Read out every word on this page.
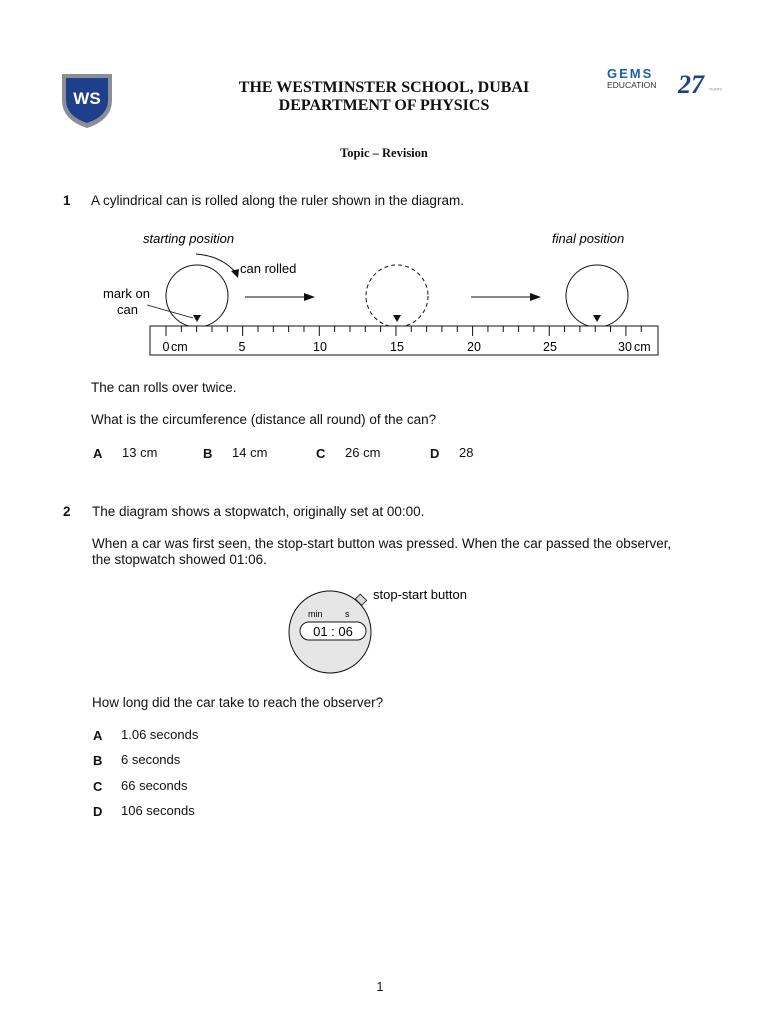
WS
THE WESTMINSTER SCHOOL, DUBAI
DEPARTMENT OF PHYSICS
GEMS
EDUCATION 27 YEARS
Topic – Revision
1 A cylindrical can is rolled along the ruler shown in the diagram.
starting position	final position
can rolled
mark on
can
0 cm	5	10	15	20	25	30 cm
The can rolls over twice.
What is the circumference (distance all round) of the can?
A 13 cm	B 14 cm	C 26 cm	D 28
2 The diagram shows a stopwatch, originally set at 00:00.
When a car was first seen, the stop-start button was pressed. When the car passed the observer,
the stopwatch showed 01:06.
stop-start button
min s
01 : 06
How long did the car take to reach the observer?
A 1.06 seconds
B 6 seconds
C 66 seconds
D 106 seconds
1
